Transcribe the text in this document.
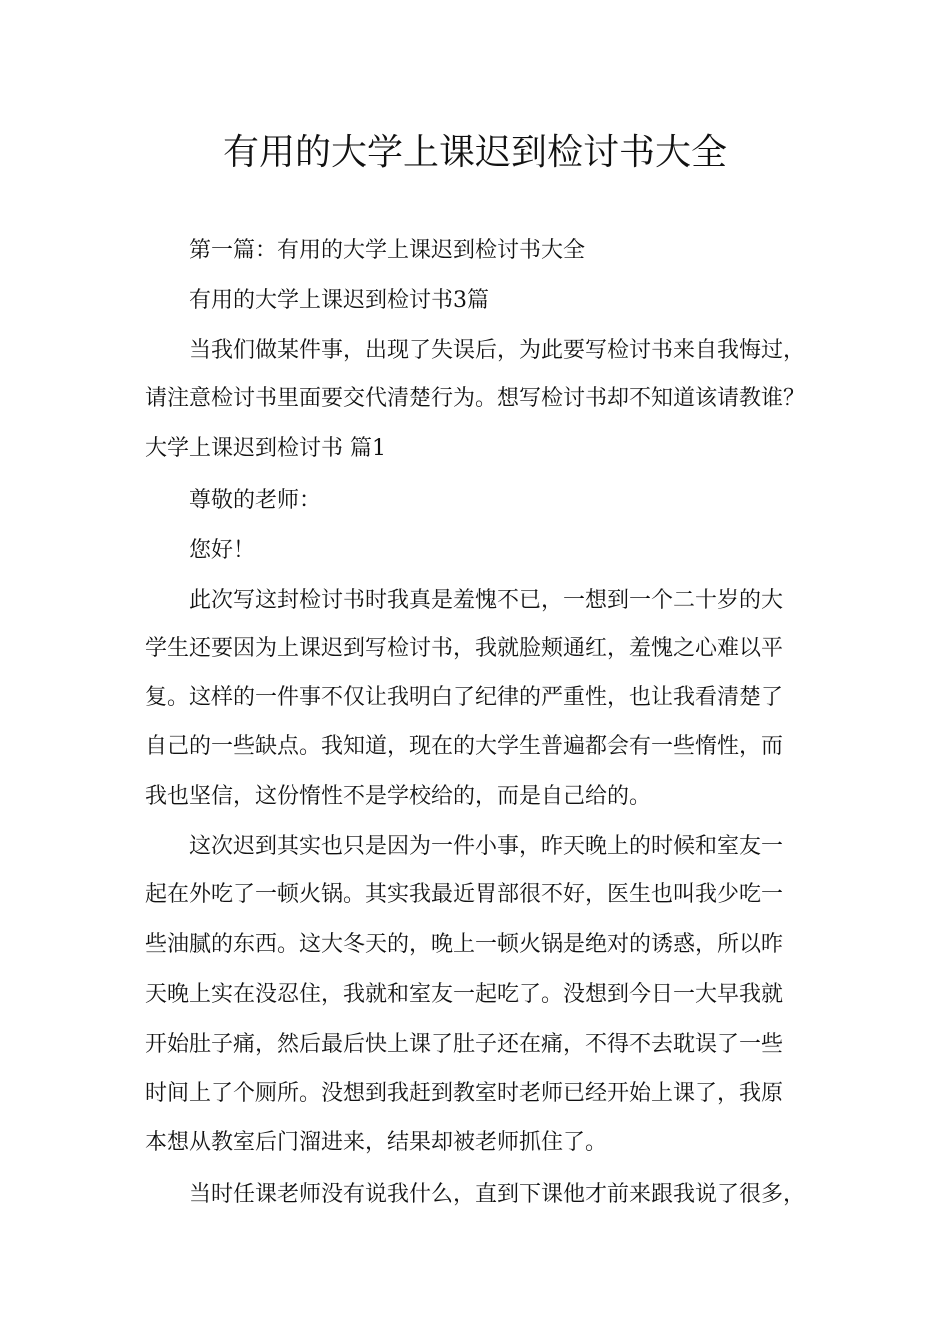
有用的大学上课迟到检讨书大全
第一篇：有用的大学上课迟到检讨书大全
有用的大学上课迟到检讨书3篇
当我们做某件事，出现了失误后，为此要写检讨书来自我悔过，
请注意检讨书里面要交代清楚行为。想写检讨书却不知道该请教谁？
大学上课迟到检讨书 篇1
尊敬的老师：
您好！
此次写这封检讨书时我真是羞愧不已，一想到一个二十岁的大
学生还要因为上课迟到写检讨书，我就脸颊通红，羞愧之心难以平
复。这样的一件事不仅让我明白了纪律的严重性，也让我看清楚了
自己的一些缺点。我知道，现在的大学生普遍都会有一些惰性，而
我也坚信，这份惰性不是学校给的，而是自己给的。
这次迟到其实也只是因为一件小事，昨天晚上的时候和室友一
起在外吃了一顿火锅。其实我最近胃部很不好，医生也叫我少吃一
些油腻的东西。这大冬天的，晚上一顿火锅是绝对的诱惑，所以昨
天晚上实在没忍住，我就和室友一起吃了。没想到今日一大早我就
开始肚子痛，然后最后快上课了肚子还在痛，不得不去耽误了一些
时间上了个厕所。没想到我赶到教室时老师已经开始上课了，我原
本想从教室后门溜进来，结果却被老师抓住了。
当时任课老师没有说我什么，直到下课他才前来跟我说了很多，
